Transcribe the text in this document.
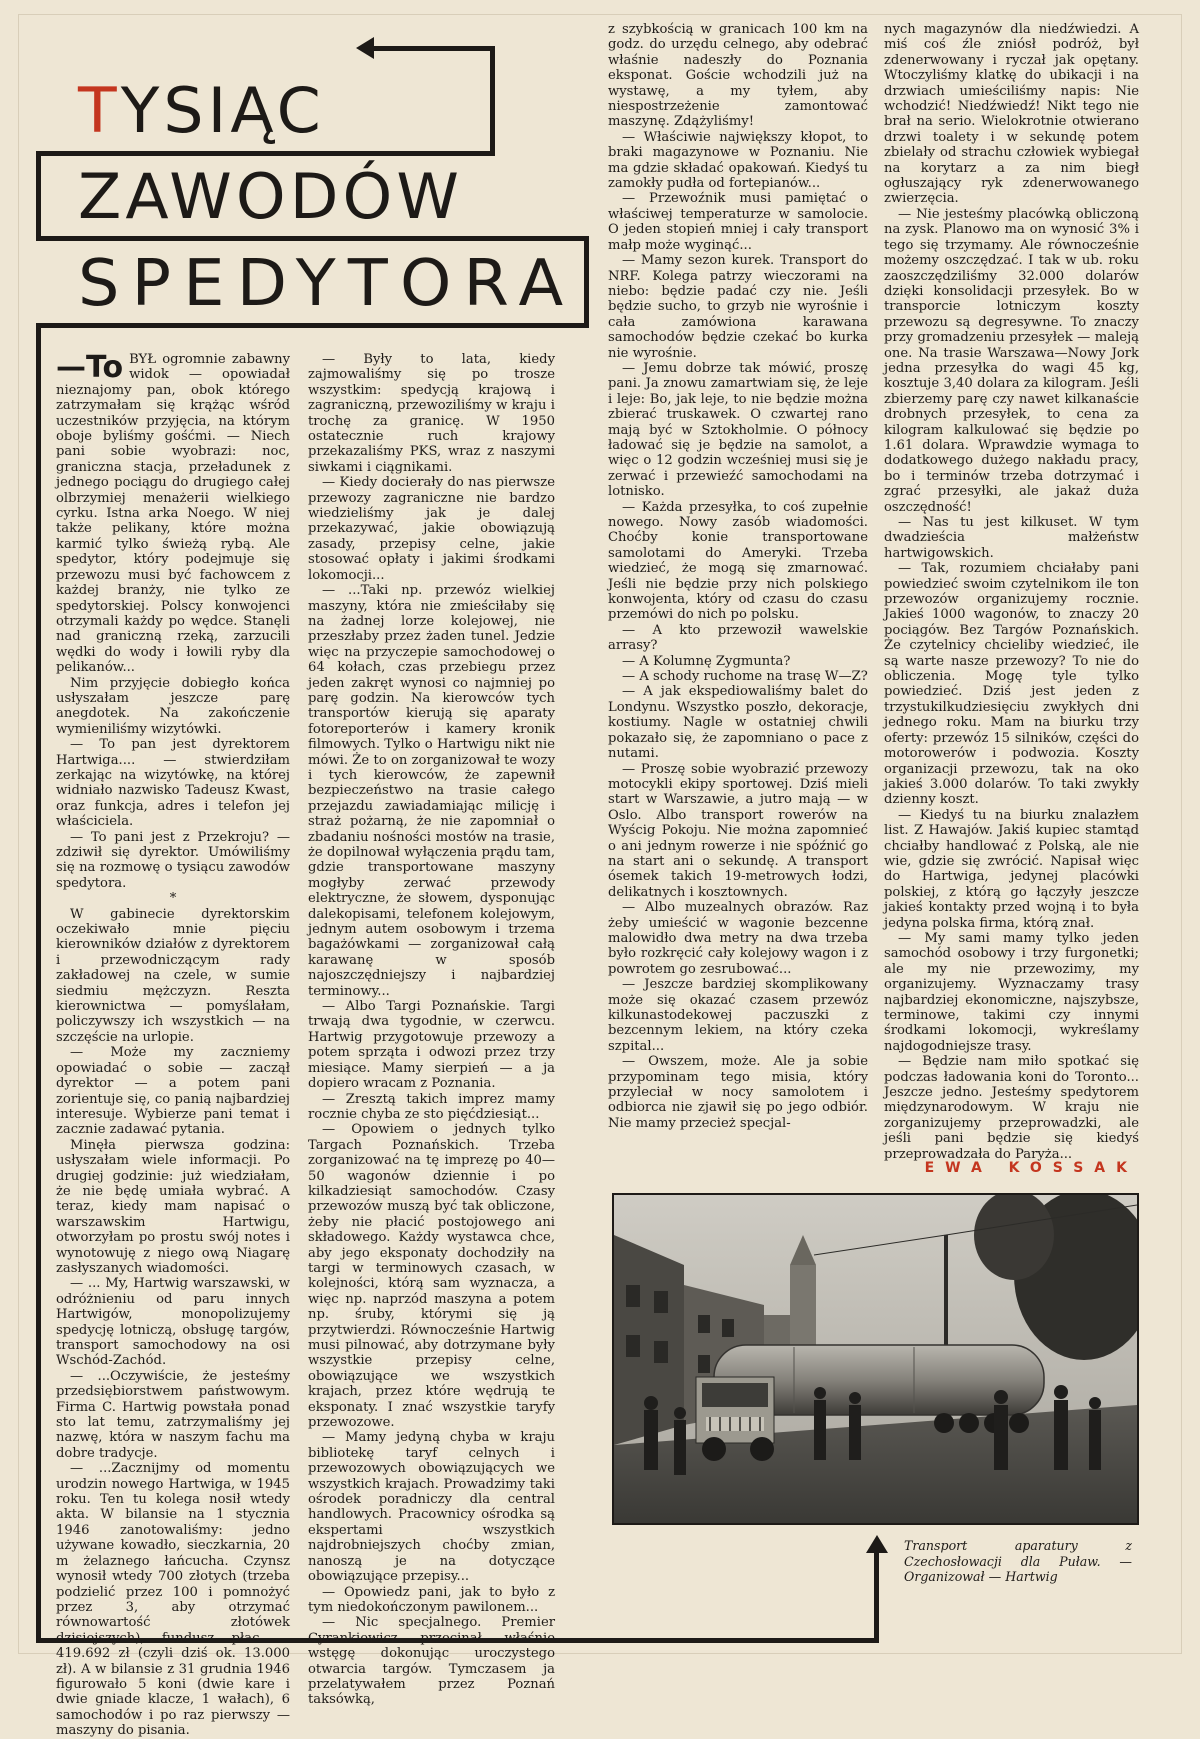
TYSIĄC
ZAWODÓW
SPEDYTORA

—To BYŁ ogromnie zabawny widok — opowiadał nieznajomy pan, obok którego zatrzymałam się krążąc wśród uczestników przyjęcia, na którym oboje byliśmy gośćmi. — Niech pani sobie wyobrazi: noc, graniczna stacja, przeładunek z jednego pociągu do drugiego całej olbrzymiej menażerii wielkiego cyrku. Istna arka Noego. W niej także pelikany, które można karmić tylko świeżą rybą. Ale spedytor, który podejmuje się przewozu musi być fachowcem z każdej branży, nie tylko ze spedytorskiej. Polscy konwojenci otrzymali każdy po wędce. Stanęli nad graniczną rzeką, zarzucili wędki do wody i łowili ryby dla pelikanów...

Nim przyjęcie dobiegło końca usłyszałam jeszcze parę anegdotek. Na zakończenie wymieniliśmy wizytówki.

— To pan jest dyrektorem Hartwiga.... — stwierdziłam zerkając na wizytówkę, na której widniało nazwisko Tadeusz Kwast, oraz funkcja, adres i telefon jej właściciela.

— To pani jest z Przekroju? — zdziwił się dyrektor. Umówiliśmy się na rozmowę o tysiącu zawodów spedytora.

*

W gabinecie dyrektorskim oczekiwało mnie pięciu kierowników działów z dyrektorem i przewodniczącym rady zakładowej na czele, w sumie siedmiu mężczyzn. Reszta kierownictwa — pomyślałam, policzywszy ich wszystkich — na szczęście na urlopie.

— Może my zaczniemy opowiadać o sobie — zaczął dyrektor — a potem pani zorientuje się, co panią najbardziej interesuje. Wybierze pani temat i zacznie zadawać pytania.

Minęła pierwsza godzina: usłyszałam wiele informacji. Po drugiej godzinie: już wiedziałam, że nie będę umiała wybrać. A teraz, kiedy mam napisać o warszawskim Hartwigu, otworzyłam po prostu swój notes i wynotowuję z niego ową Niagarę zasłyszanych wiadomości.

— ... My, Hartwig warszawski, w odróżnieniu od paru innych Hartwigów, monopolizujemy spedycję lotniczą, obsługę targów, transport samochodowy na osi Wschód-Zachód.

— ...Oczywiście, że jesteśmy przedsiębiorstwem państwowym. Firma C. Hartwig powstała ponad sto lat temu, zatrzymaliśmy jej nazwę, która w naszym fachu ma dobre tradycje.

— ...Zacznijmy od momentu urodzin nowego Hartwiga, w 1945 roku. Ten tu kolega nosił wtedy akta. W bilansie na 1 stycznia 1946 zanotowaliśmy: jedno używane kowadło, sieczkarnia, 20 m żelaznego łańcucha. Czynsz wynosił wtedy 700 złotych (trzeba podzielić przez 100 i pomnożyć przez 3, aby otrzymać równowartość złotówek dzisiejszych), fundusz płac — 419.692 zł (czyli dziś ok. 13.000 zł). A w bilansie z 31 grudnia 1946 figurowało 5 koni (dwie kare i dwie gniade klacze, 1 wałach), 6 samochodów i po raz pierwszy — maszyny do pisania.

— Były to lata, kiedy zajmowaliśmy się po trosze wszystkim: spedycją krajową i zagraniczną, przewoziliśmy w kraju i trochę za granicę. W 1950 ostatecznie ruch krajowy przekazaliśmy PKS, wraz z naszymi siwkami i ciągnikami.

— Kiedy docierały do nas pierwsze przewozy zagraniczne nie bardzo wiedzieliśmy jak je dalej przekazywać, jakie obowiązują zasady, przepisy celne, jakie stosować opłaty i jakimi środkami lokomocji...

— ...Taki np. przewóz wielkiej maszyny, która nie zmieściłaby się na żadnej lorze kolejowej, nie przeszłaby przez żaden tunel. Jedzie więc na przyczepie samochodowej o 64 kołach, czas przebiegu przez jeden zakręt wynosi co najmniej po parę godzin. Na kierowców tych transportów kierują się aparaty fotoreporterów i kamery kronik filmowych. Tylko o Hartwigu nikt nie mówi. Że to on zorganizował te wozy i tych kierowców, że zapewnił bezpieczeństwo na trasie całego przejazdu zawiadamiając milicję i straż pożarną, że nie zapomniał o zbadaniu nośności mostów na trasie, że dopilnował wyłączenia prądu tam, gdzie transportowane maszyny mogłyby zerwać przewody elektryczne, że słowem, dysponując dalekopisami, telefonem kolejowym, jednym autem osobowym i trzema bagażówkami — zorganizował całą karawanę w sposób najoszczędniejszy i najbardziej terminowy...

— Albo Targi Poznańskie. Targi trwają dwa tygodnie, w czerwcu. Hartwig przygotowuje przewozy a potem sprząta i odwozi przez trzy miesiące. Mamy sierpień — a ja dopiero wracam z Poznania.

— Zresztą takich imprez mamy rocznie chyba ze sto pięćdziesiąt...

— Opowiem o jednych tylko Targach Poznańskich. Trzeba zorganizować na tę imprezę po 40—50 wagonów dziennie i po kilkadziesiąt samochodów. Czasy przewozów muszą być tak obliczone, żeby nie płacić postojowego ani składowego. Każdy wystawca chce, aby jego eksponaty dochodziły na targi w terminowych czasach, w kolejności, którą sam wyznacza, a więc np. naprzód maszyna a potem np. śruby, którymi się ją przytwierdzi. Równocześnie Hartwig musi pilnować, aby dotrzymane były wszystkie przepisy celne, obowiązujące we wszystkich krajach, przez które wędrują te eksponaty. I znać wszystkie taryfy przewozowe.

— Mamy jedyną chyba w kraju bibliotekę taryf celnych i przewozowych obowiązujących we wszystkich krajach. Prowadzimy taki ośrodek poradniczy dla central handlowych. Pracownicy ośrodka są ekspertami wszystkich najdrobniejszych choćby zmian, nanoszą je na dotyczące obowiązujące przepisy...

— Opowiedz pani, jak to było z tym niedokończonym pawilonem...

— Nic specjalnego. Premier Cyrankiewicz przecinał właśnie wstęgę dokonując uroczystego otwarcia targów. Tymczasem ja przelatywałem przez Poznań taksówką,

z szybkością w granicach 100 km na godz. do urzędu celnego, aby odebrać właśnie nadeszły do Poznania eksponat. Goście wchodzili już na wystawę, a my tyłem, aby niespostrzeżenie zamontować maszynę. Zdążyliśmy!

— Właściwie największy kłopot, to braki magazynowe w Poznaniu. Nie ma gdzie składać opakowań. Kiedyś tu zamokły pudła od fortepianów...

— Przewoźnik musi pamiętać o właściwej temperaturze w samolocie. O jeden stopień mniej i cały transport małp może wyginąć...

— Mamy sezon kurek. Transport do NRF. Kolega patrzy wieczorami na niebo: będzie padać czy nie. Jeśli będzie sucho, to grzyb nie wyrośnie i cała zamówiona karawana samochodów będzie czekać bo kurka nie wyrośnie.

— Jemu dobrze tak mówić, proszę pani. Ja znowu zamartwiam się, że leje i leje: Bo, jak leje, to nie będzie można zbierać truskawek. O czwartej rano mają być w Sztokholmie. O północy ładować się je będzie na samolot, a więc o 12 godzin wcześniej musi się je zerwać i przewieźć samochodami na lotnisko.

— Każda przesyłka, to coś zupełnie nowego. Nowy zasób wiadomości. Choćby konie transportowane samolotami do Ameryki. Trzeba wiedzieć, że mogą się zmarnować. Jeśli nie będzie przy nich polskiego konwojenta, który od czasu do czasu przemówi do nich po polsku.

— A kto przewoził wawelskie arrasy?

— A Kolumnę Zygmunta?

— A schody ruchome na trasę W—Z?

— A jak ekspediowaliśmy balet do Londynu. Wszystko poszło, dekoracje, kostiumy. Nagle w ostatniej chwili pokazało się, że zapomniano o pace z nutami.

— Proszę sobie wyobrazić przewozy motocykli ekipy sportowej. Dziś mieli start w Warszawie, a jutro mają — w Oslo. Albo transport rowerów na Wyścig Pokoju. Nie można zapomnieć o ani jednym rowerze i nie spóźnić go na start ani o sekundę. A transport ósemek takich 19-metrowych łodzi, delikatnych i kosztownych.

— Albo muzealnych obrazów. Raz żeby umieścić w wagonie bezcenne malowidło dwa metry na dwa trzeba było rozkręcić cały kolejowy wagon i z powrotem go zesrubować...

— Jeszcze bardziej skomplikowany może się okazać czasem przewóz kilkunastodekowej paczuszki z bezcennym lekiem, na który czeka szpital...

— Owszem, może. Ale ja sobie przypominam tego misia, który przyleciał w nocy samolotem i odbiorca nie zjawił się po jego odbiór. Nie mamy przecież specjal-

nych magazynów dla niedźwiedzi. A miś coś źle zniósł podróż, był zdenerwowany i ryczał jak opętany. Wtoczyliśmy klatkę do ubikacji i na drzwiach umieściliśmy napis: Nie wchodzić! Niedźwiedź! Nikt tego nie brał na serio. Wielokrotnie otwierano drzwi toalety i w sekundę potem zbielały od strachu człowiek wybiegał na korytarz a za nim biegł ogłuszający ryk zdenerwowanego zwierzęcia.

— Nie jesteśmy placówką obliczoną na zysk. Planowo ma on wynosić 3% i tego się trzymamy. Ale równocześnie możemy oszczędzać. I tak w ub. roku zaoszczędziliśmy 32.000 dolarów dzięki konsolidacji przesyłek. Bo w transporcie lotniczym koszty przewozu są degresywne. To znaczy przy gromadzeniu przesyłek — maleją one. Na trasie Warszawa—Nowy Jork jedna przesyłka do wagi 45 kg, kosztuje 3,40 dolara za kilogram. Jeśli zbierzemy parę czy nawet kilkanaście drobnych przesyłek, to cena za kilogram kalkulować się będzie po 1.61 dolara. Wprawdzie wymaga to dodatkowego dużego nakładu pracy, bo i terminów trzeba dotrzymać i zgrać przesyłki, ale jakaż duża oszczędność!

— Nas tu jest kilkuset. W tym dwadzieścia małżeństw hartwigowskich.

— Tak, rozumiem chciałaby pani powiedzieć swoim czytelnikom ile ton przewozów organizujemy rocznie. Jakieś 1000 wagonów, to znaczy 20 pociągów. Bez Targów Poznańskich. Że czytelnicy chcieliby wiedzieć, ile są warte nasze przewozy? To nie do obliczenia. Mogę tyle tylko powiedzieć. Dziś jest jeden z trzystukilkudziesięciu zwykłych dni jednego roku. Mam na biurku trzy oferty: przewóz 15 silników, części do motorowerów i podwozia. Koszty organizacji przewozu, tak na oko jakieś 3.000 dolarów. To taki zwykły dzienny koszt.

— Kiedyś tu na biurku znalazłem list. Z Hawajów. Jakiś kupiec stamtąd chciałby handlować z Polską, ale nie wie, gdzie się zwrócić. Napisał więc do Hartwiga, jedynej placówki polskiej, z którą go łączyły jeszcze jakieś kontakty przed wojną i to była jedyna polska firma, którą znał.

— My sami mamy tylko jeden samochód osobowy i trzy furgonetki; ale my nie przewozimy, my organizujemy. Wyznaczamy trasy najbardziej ekonomiczne, najszybsze, terminowe, takimi czy innymi środkami lokomocji, wykreślamy najdogodniejsze trasy.

— Będzie nam miło spotkać się podczas ładowania koni do Toronto... Jeszcze jedno. Jesteśmy spedytorem międzynarodowym. W kraju nie zorganizujemy przeprowadzki, ale jeśli pani będzie się kiedyś przeprowadzała do Paryża...

EWA KOSSAK
Transport aparatury z Czechosłowacji dla Puław. — Organizował — Hartwig
